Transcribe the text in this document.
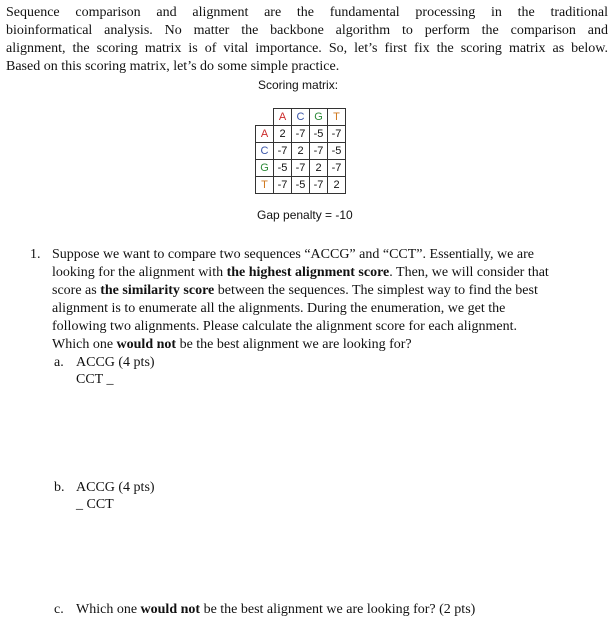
Sequence comparison and alignment are the fundamental processing in the traditional
bioinformatical analysis. No matter the backbone algorithm to perform the comparison and
alignment, the scoring matrix is of vital importance. So, let’s first fix the scoring matrix as below.
Based on this scoring matrix, let’s do some simple practice.
Scoring matrix:
	A	C	G	T
A	2	-7	-5	-7
C	-7	2	-7	-5
G	-5	-7	2	-7
T	-7	-5	-7	2
Gap penalty = -10
1. Suppose we want to compare two sequences “ACCG” and “CCT”. Essentially, we are
looking for the alignment with the highest alignment score. Then, we will consider that
score as the similarity score between the sequences. The simplest way to find the best
alignment is to enumerate all the alignments. During the enumeration, we get the
following two alignments. Please calculate the alignment score for each alignment.
Which one would not be the best alignment we are looking for?
a. ACCG (4 pts)
CCT _
b. ACCG (4 pts)
_ CCT
c. Which one would not be the best alignment we are looking for? (2 pts)
